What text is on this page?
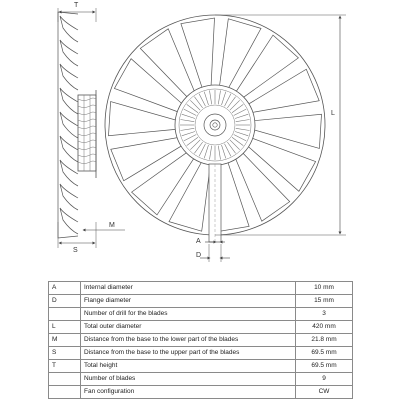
T
M
S
L
A
D
A	Internal diameter	10 mm
D	Flange diameter	15 mm
	Number of drill for the blades	3
L	Total outer diameter	420 mm
M	Distance from the base to the lower part of the blades	21.8 mm
S	Distance from the base to the upper part of the blades	69.5 mm
T	Total height	69.5 mm
	Number of blades	9
	Fan configuration	CW
